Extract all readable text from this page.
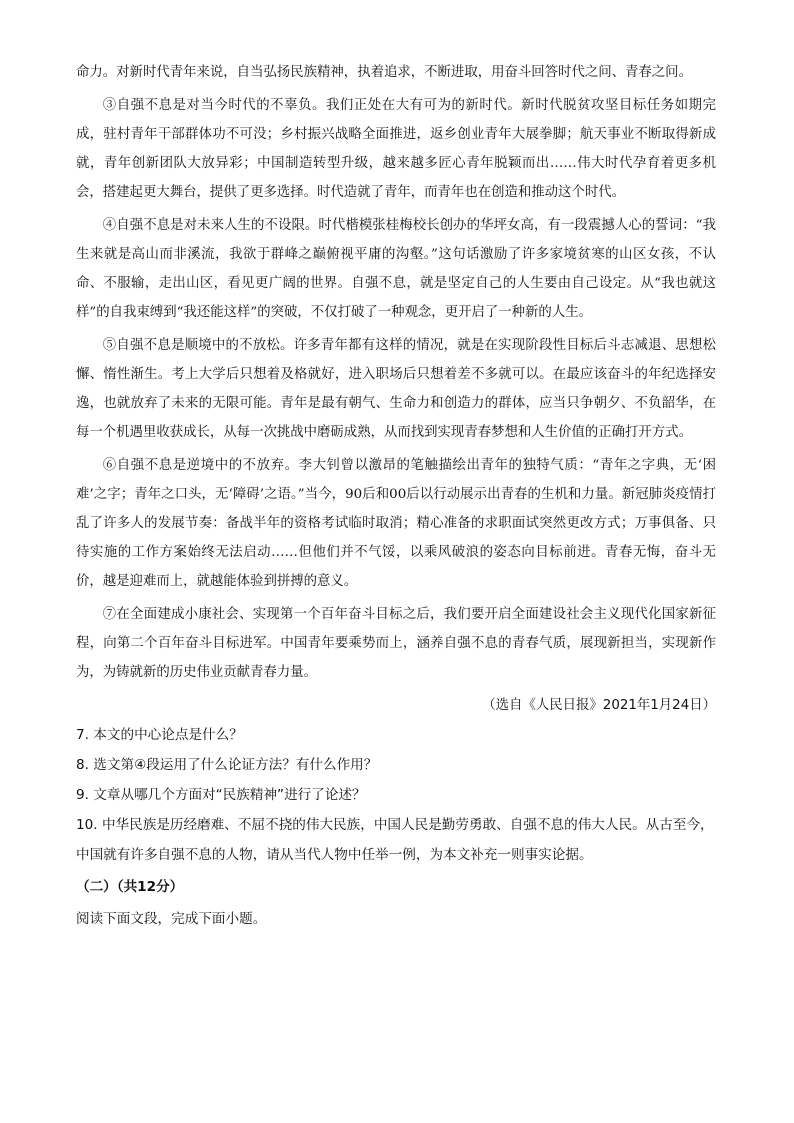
命力。对新时代青年来说，自当弘扬民族精神，执着追求，不断进取，用奋斗回答时代之问、青春之问。

③自强不息是对当今时代的不辜负。我们正处在大有可为的新时代。新时代脱贫攻坚目标任务如期完成，驻村青年干部群体功不可没；乡村振兴战略全面推进，返乡创业青年大展拳脚；航天事业不断取得新成就，青年创新团队大放异彩；中国制造转型升级，越来越多匠心青年脱颖而出……伟大时代孕育着更多机会，搭建起更大舞台，提供了更多选择。时代造就了青年，而青年也在创造和推动这个时代。

④自强不息是对未来人生的不设限。时代楷模张桂梅校长创办的华坪女高，有一段震撼人心的誓词：“我生来就是高山而非溪流，我欲于群峰之巅俯视平庸的沟壑。”这句话激励了许多家境贫寒的山区女孩，不认命、不服输，走出山区，看见更广阔的世界。自强不息，就是坚定自己的人生要由自己设定。从“我也就这样”的自我束缚到“我还能这样”的突破，不仅打破了一种观念，更开启了一种新的人生。

⑤自强不息是顺境中的不放松。许多青年都有这样的情况，就是在实现阶段性目标后斗志减退、思想松懈、惰性渐生。考上大学后只想着及格就好，进入职场后只想着差不多就可以。在最应该奋斗的年纪选择安逸，也就放弃了未来的无限可能。青年是最有朝气、生命力和创造力的群体，应当只争朝夕、不负韶华，在每一个机遇里收获成长，从每一次挑战中磨砺成熟，从而找到实现青春梦想和人生价值的正确打开方式。

⑥自强不息是逆境中的不放弃。李大钊曾以激昂的笔触描绘出青年的独特气质：“青年之字典，无‘困难’之字；青年之口头，无‘障碍’之语。”当今，90后和00后以行动展示出青春的生机和力量。新冠肺炎疫情打乱了许多人的发展节奏：备战半年的资格考试临时取消；精心准备的求职面试突然更改方式；万事俱备、只待实施的工作方案始终无法启动……但他们并不气馁，以乘风破浪的姿态向目标前进。青春无悔，奋斗无价，越是迎难而上，就越能体验到拼搏的意义。

⑦在全面建成小康社会、实现第一个百年奋斗目标之后，我们要开启全面建设社会主义现代化国家新征程，向第二个百年奋斗目标进军。中国青年要乘势而上，涵养自强不息的青春气质，展现新担当，实现新作为，为铸就新的历史伟业贡献青春力量。

（选自《人民日报》2021年1月24日）

7. 本文的中心论点是什么？

8. 选文第④段运用了什么论证方法？有什么作用？

9. 文章从哪几个方面对“民族精神”进行了论述？

10. 中华民族是历经磨难、不屈不挠的伟大民族，中国人民是勤劳勇敢、自强不息的伟大人民。从古至今，中国就有许多自强不息的人物，请从当代人物中任举一例，为本文补充一则事实论据。

（二）（共12分）

阅读下面文段，完成下面小题。
